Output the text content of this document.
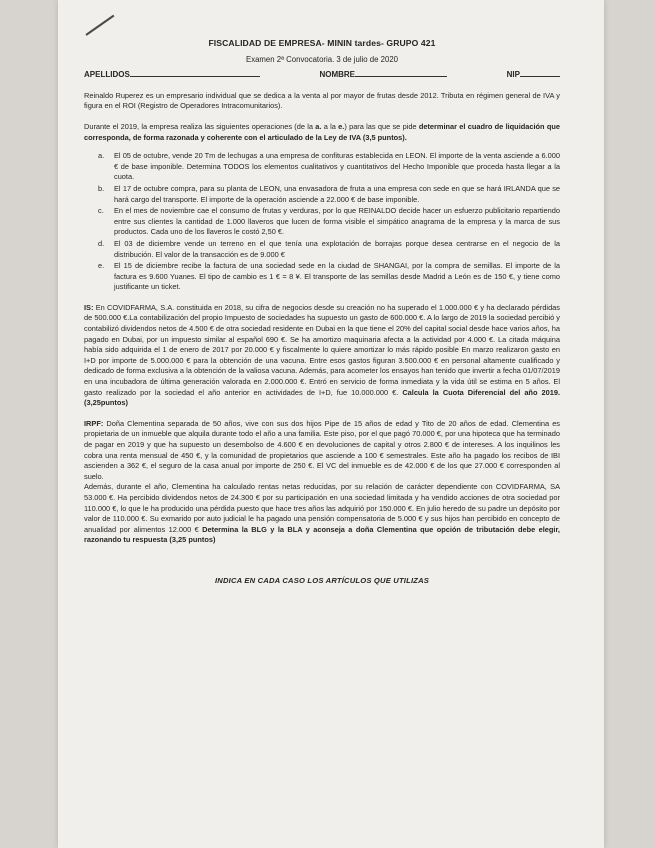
FISCALIDAD DE EMPRESA- MININ tardes- GRUPO 421
Examen 2ª Convocatoria. 3 de julio de 2020
APELLIDOS	NOMBRE	NIP

Reinaldo Ruperez es un empresario individual que se dedica a la venta al por mayor de frutas desde 2012. Tributa en régimen general de IVA y figura en el ROI (Registro de Operadores Intracomunitarios).

Durante el 2019, la empresa realiza las siguientes operaciones (de la a. a la e.) para las que se pide determinar el cuadro de liquidación que corresponda, de forma razonada y coherente con el articulado de la Ley de IVA (3,5 puntos).

a. El 05 de octubre, vende 20 Tm de lechugas a una empresa de confituras establecida en LEON. El importe de la venta asciende a 6.000 € de base imponible. Determina TODOS los elementos cualitativos y cuantitativos del Hecho Imponible que proceda hasta llegar a la cuota.
b. El 17 de octubre compra, para su planta de LEON, una envasadora de fruta a una empresa con sede en que se hará IRLANDA que se hará cargo del transporte. El importe de la operación asciende a 22.000 € de base imponible.
c. En el mes de noviembre cae el consumo de frutas y verduras, por lo que REINALDO decide hacer un esfuerzo publicitario repartiendo entre sus clientes la cantidad de 1.000 llaveros que lucen de forma visible el simpático anagrama de la empresa y la marca de sus productos. Cada uno de los llaveros le costó 2,50 €.
d. El 03 de diciembre vende un terreno en el que tenía una explotación de borrajas porque desea centrarse en el negocio de la distribución. El valor de la transacción es de 9.000 €
e. El 15 de diciembre recibe la factura de una sociedad sede en la ciudad de SHANGAI, por la compra de semillas. El importe de la factura es 9.600 Yuanes. El tipo de cambio es 1 € = 8 ¥. El transporte de las semillas desde Madrid a León es de 150 €, y tiene como justificante un ticket.

IS: En COVIDFARMA, S.A. constituida en 2018, su cifra de negocios desde su creación no ha superado el 1.000.000 € y ha declarado pérdidas de 500.000 €.La contabilización del propio Impuesto de sociedades ha supuesto un gasto de 600.000 €. A lo largo de 2019 la sociedad percibió y contabilizó dividendos netos de 4.500 € de otra sociedad residente en Dubai en la que tiene el 20% del capital social desde hace varios años, ha pagado en Dubai, por un impuesto similar al español 690 €. Se ha amortizo maquinaria afecta a la actividad por 4.000 €. La citada máquina había sido adquirida el 1 de enero de 2017 por 20.000 € y fiscalmente lo quiere amortizar lo más rápido posible En marzo realizaron gasto en I+D por importe de 5.000.000 € para la obtención de una vacuna. Entre esos gastos figuran 3.500.000 € en personal altamente cualificado y dedicado de forma exclusiva a la obtención de la valiosa vacuna. Además, para acometer los ensayos han tenido que invertir a fecha 01/07/2019 en una incubadora de última generación valorada en 2.000.000 €. Entró en servicio de forma inmediata y la vida útil se estima en 5 años. El gasto realizado por la sociedad el año anterior en actividades de I+D, fue 10.000.000 €. Calcula la Cuota Diferencial del año 2019. (3,25puntos)

IRPF: Doña Clementina separada de 50 años, vive con sus dos hijos Pipe de 15 años de edad y Tito de 20 años de edad. Clementina es propietaria de un inmueble que alquila durante todo el año a una familia. Este piso, por el que pagó 70.000 €, por una hipoteca que ha terminado de pagar en 2019 y que ha supuesto un desembolso de 4.600 € en devoluciones de capital y otros 2.800 € de intereses. A los inquilinos les cobra una renta mensual de 450 €, y la comunidad de propietarios que asciende a 100 € semestrales. Este año ha pagado los recibos de IBI ascienden a 362 €, el seguro de la casa anual por importe de 250 €. El VC del inmueble es de 42.000 € de los que 27.000 € corresponden al suelo.

Además, durante el año, Clementina ha calculado rentas netas reducidas, por su relación de carácter dependiente con COVIDFARMA, SA 53.000 €. Ha percibido dividendos netos de 24.300 € por su participación en una sociedad limitada y ha vendido acciones de otra sociedad por 110.000 €, lo que le ha producido una pérdida puesto que hace tres años las adquirió por 150.000 €. En julio heredo de su padre un depósito por valor de 110.000 €. Su exmarido por auto judicial le ha pagado una pensión compensatoria de 5.000 € y sus hijos han percibido en concepto de anualidad por alimentos 12.000 € Determina la BLG y la BLA y aconseja a doña Clementina que opción de tributación debe elegir, razonando tu respuesta (3,25 puntos)

INDICA EN CADA CASO LOS ARTÍCULOS QUE UTILIZAS
